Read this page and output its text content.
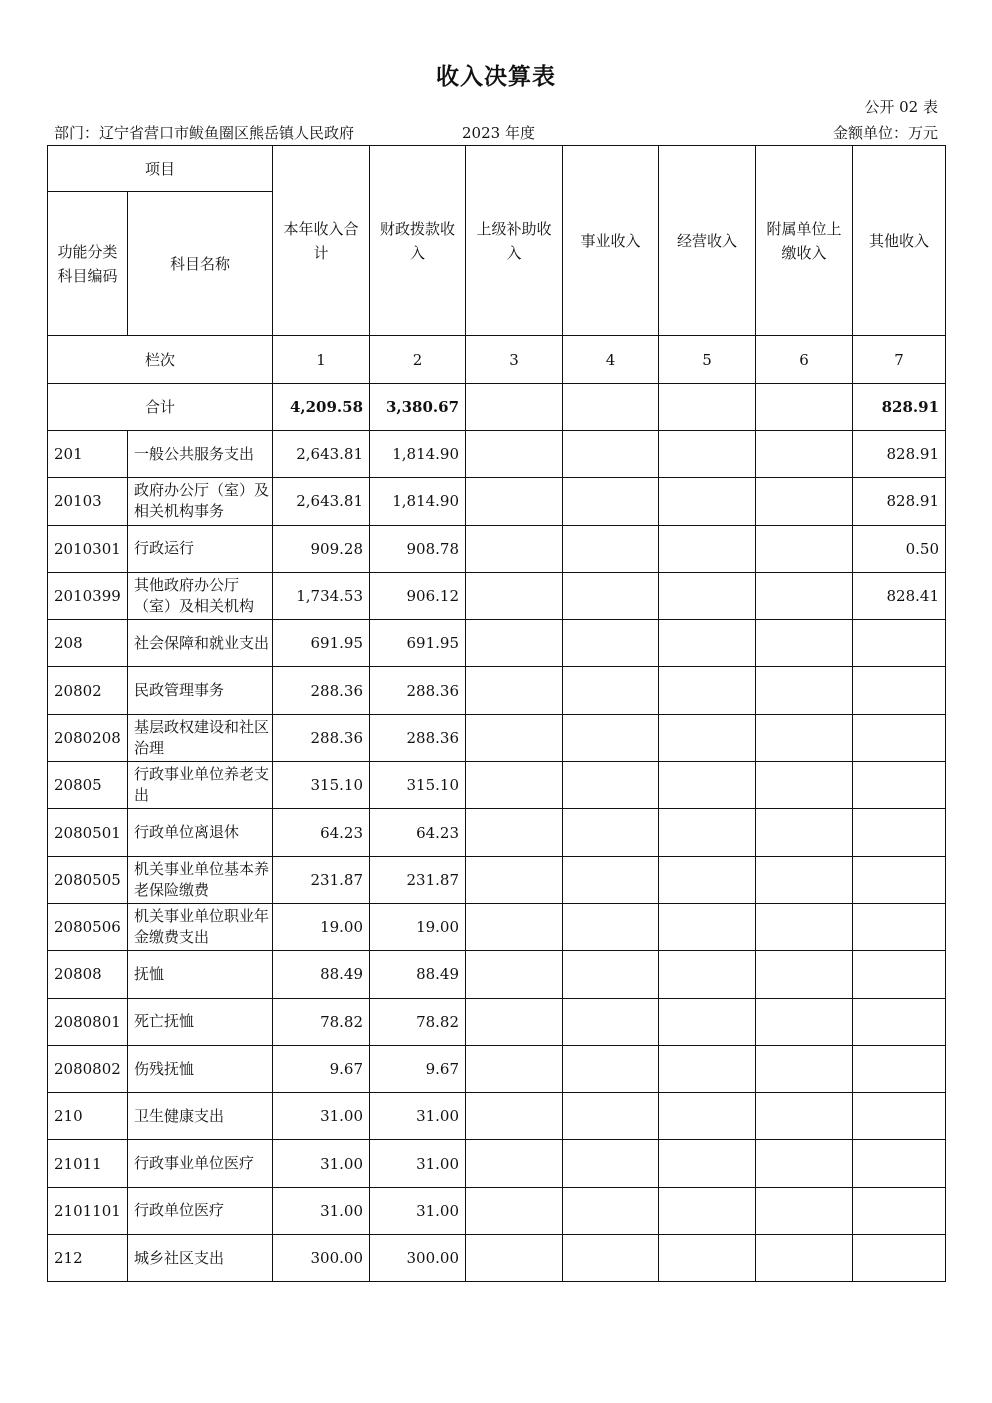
收入决算表
公开 02 表
部门：辽宁省营口市鲅鱼圈区熊岳镇人民政府	2023 年度	金额单位：万元
项目		本年收入合计	财政拨款收入	上级补助收入	事业收入	经营收入	附属单位上缴收入	其他收入
功能分类科目编码	科目名称							
栏次		1	2	3	4	5	6	7
合计		4,209.58	3,380.67					828.91
201	一般公共服务支出	2,643.81	1,814.90					828.91
20103	政府办公厅（室）及相关机构事务	2,643.81	1,814.90					828.91
2010301	行政运行	909.28	908.78					0.50
2010399	其他政府办公厅（室）及相关机构	1,734.53	906.12					828.41
208	社会保障和就业支出	691.95	691.95					
20802	民政管理事务	288.36	288.36					
2080208	基层政权建设和社区治理	288.36	288.36					
20805	行政事业单位养老支出	315.10	315.10					
2080501	行政单位离退休	64.23	64.23					
2080505	机关事业单位基本养老保险缴费	231.87	231.87					
2080506	机关事业单位职业年金缴费支出	19.00	19.00					
20808	抚恤	88.49	88.49					
2080801	死亡抚恤	78.82	78.82					
2080802	伤残抚恤	9.67	9.67					
210	卫生健康支出	31.00	31.00					
21011	行政事业单位医疗	31.00	31.00					
2101101	行政单位医疗	31.00	31.00					
212	城乡社区支出	300.00	300.00					
